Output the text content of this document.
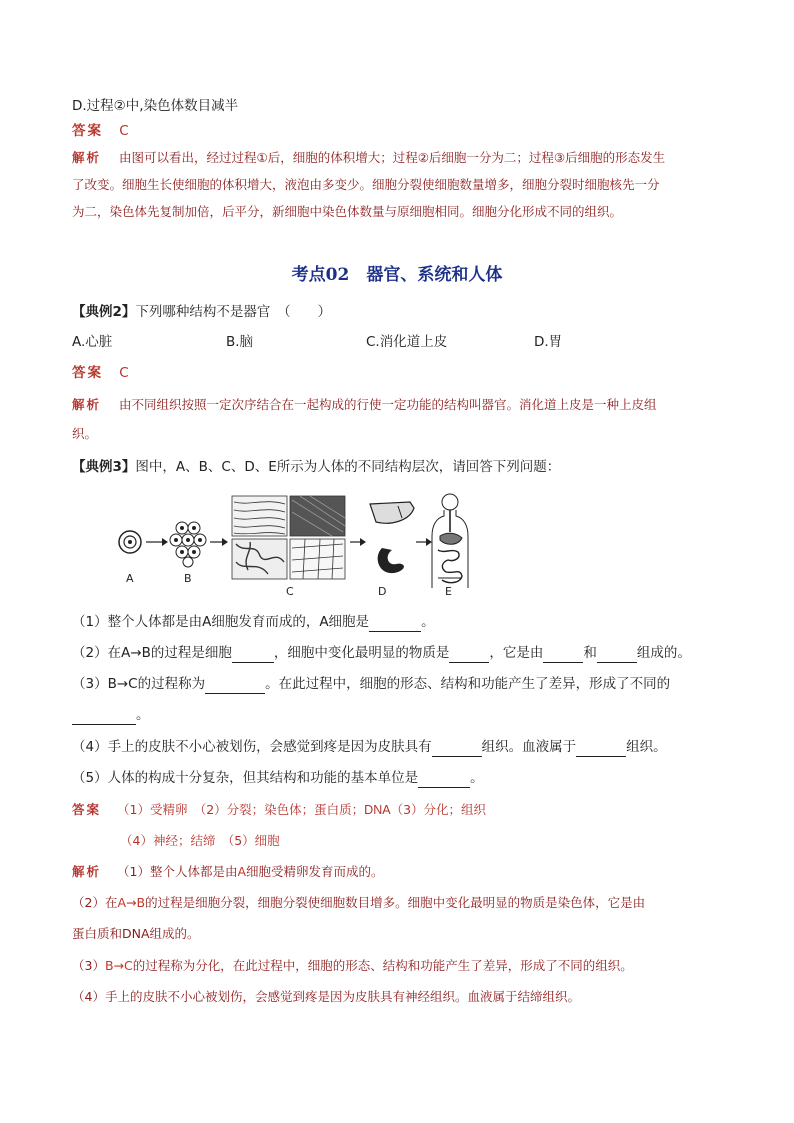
D.过程②中,染色体数目减半
答案 C
解析 由图可以看出，经过过程①后，细胞的体积增大；过程②后细胞一分为二；过程③后细胞的形态发生
了改变。细胞生长使细胞的体积增大，液泡由多变少。细胞分裂使细胞数量增多，细胞分裂时细胞核先一分
为二，染色体先复制加倍，后平分，新细胞中染色体数量与原细胞相同。细胞分化形成不同的组织。
考点02　器官、系统和人体
【典例2】下列哪种结构不是器官　（　　）
A.心脏	B.脑	C.消化道上皮	D.胃
答案 C
解析 由不同组织按照一定次序结合在一起构成的行使一定功能的结构叫器官。消化道上皮是一种上皮组
织。
【典例3】图中，A、B、C、D、E所示为人体的不同结构层次，请回答下列问题：
A	B
C	D	E
（1）整个人体都是由A细胞发育而成的，A细胞是	。
（2）在A→B的过程是细胞	，细胞中变化最明显的物质是	，它是由	和	组成的。
（3）B→C的过程称为	。在此过程中，细胞的形态、结构和功能产生了差异，形成了不同的
。
（4）手上的皮肤不小心被划伤，会感觉到疼是因为皮肤具有	组织。血液属于	组织。
（5）人体的构成十分复杂，但其结构和功能的基本单位是	。
答案 （1）受精卵　（2）分裂；染色体；蛋白质；DNA（3）分化；组织
（4）神经；结缔　（5）细胞
解析 （1）整个人体都是由A细胞受精卵发育而成的。
（2）在A→B的过程是细胞分裂，细胞分裂使细胞数目增多。细胞中变化最明显的物质是染色体，它是由
蛋白质和DNA组成的。
（3）B→C的过程称为分化，在此过程中，细胞的形态、结构和功能产生了差异，形成了不同的组织。
（4）手上的皮肤不小心被划伤，会感觉到疼是因为皮肤具有神经组织。血液属于结缔组织。
